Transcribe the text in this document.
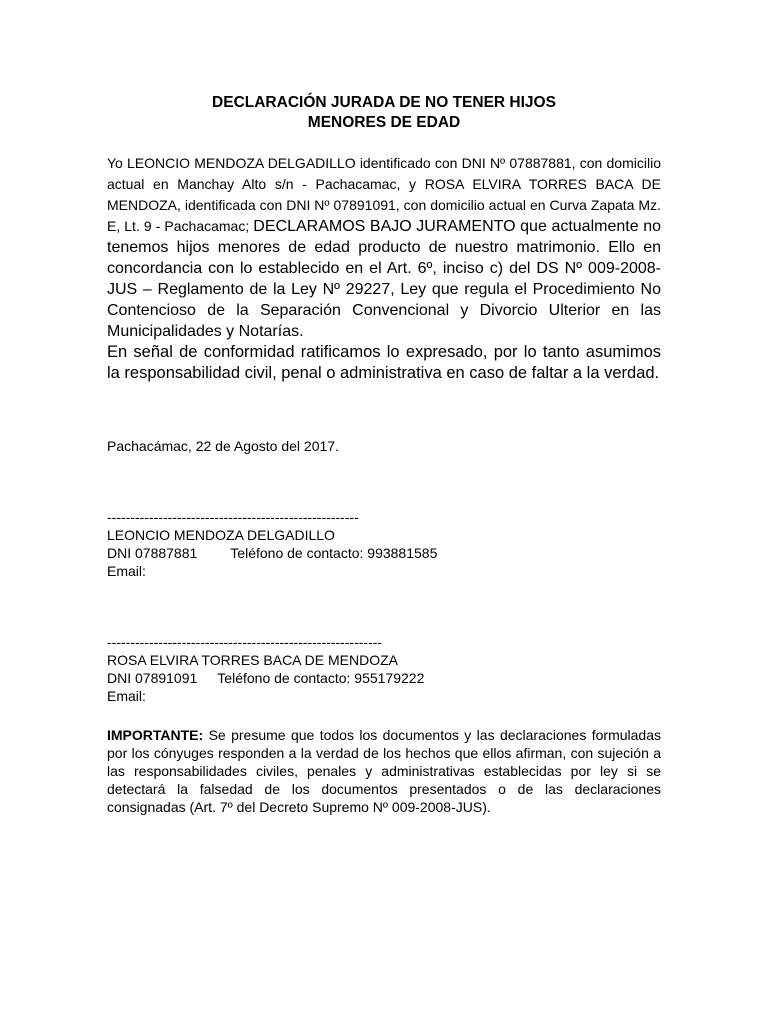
DECLARACIÓN JURADA DE NO TENER HIJOS
MENORES DE EDAD

Yo LEONCIO MENDOZA DELGADILLO identificado con DNI Nº 07887881, con domicilio actual en Manchay Alto s/n - Pachacamac, y ROSA ELVIRA TORRES BACA DE MENDOZA, identificada con DNI Nº 07891091, con domicilio actual en Curva Zapata Mz. E, Lt. 9 - Pachacamac; DECLARAMOS BAJO JURAMENTO que actualmente no tenemos hijos menores de edad producto de nuestro matrimonio. Ello en concordancia con lo establecido en el Art. 6º, inciso c) del DS Nº 009-2008-JUS – Reglamento de la Ley Nº 29227, Ley que regula el Procedimiento No Contencioso de la Separación Convencional y Divorcio Ulterior en las Municipalidades y Notarías.

En señal de conformidad ratificamos lo expresado, por lo tanto asumimos la responsabilidad civil, penal o administrativa en caso de faltar a la verdad.

Pachacámac, 22 de Agosto del 2017.
------------------------------------------------------
LEONCIO MENDOZA DELGADILLO
DNI 07887881 Teléfono de contacto: 993881585
Email:
-----------------------------------------------------------
ROSA ELVIRA TORRES BACA DE MENDOZA
DNI 07891091 Teléfono de contacto: 955179222
Email:

IMPORTANTE: Se presume que todos los documentos y las declaraciones formuladas por los cónyuges responden a la verdad de los hechos que ellos afirman, con sujeción a las responsabilidades civiles, penales y administrativas establecidas por ley si se detectará la falsedad de los documentos presentados o de las declaraciones consignadas (Art. 7º del Decreto Supremo Nº 009-2008-JUS).
